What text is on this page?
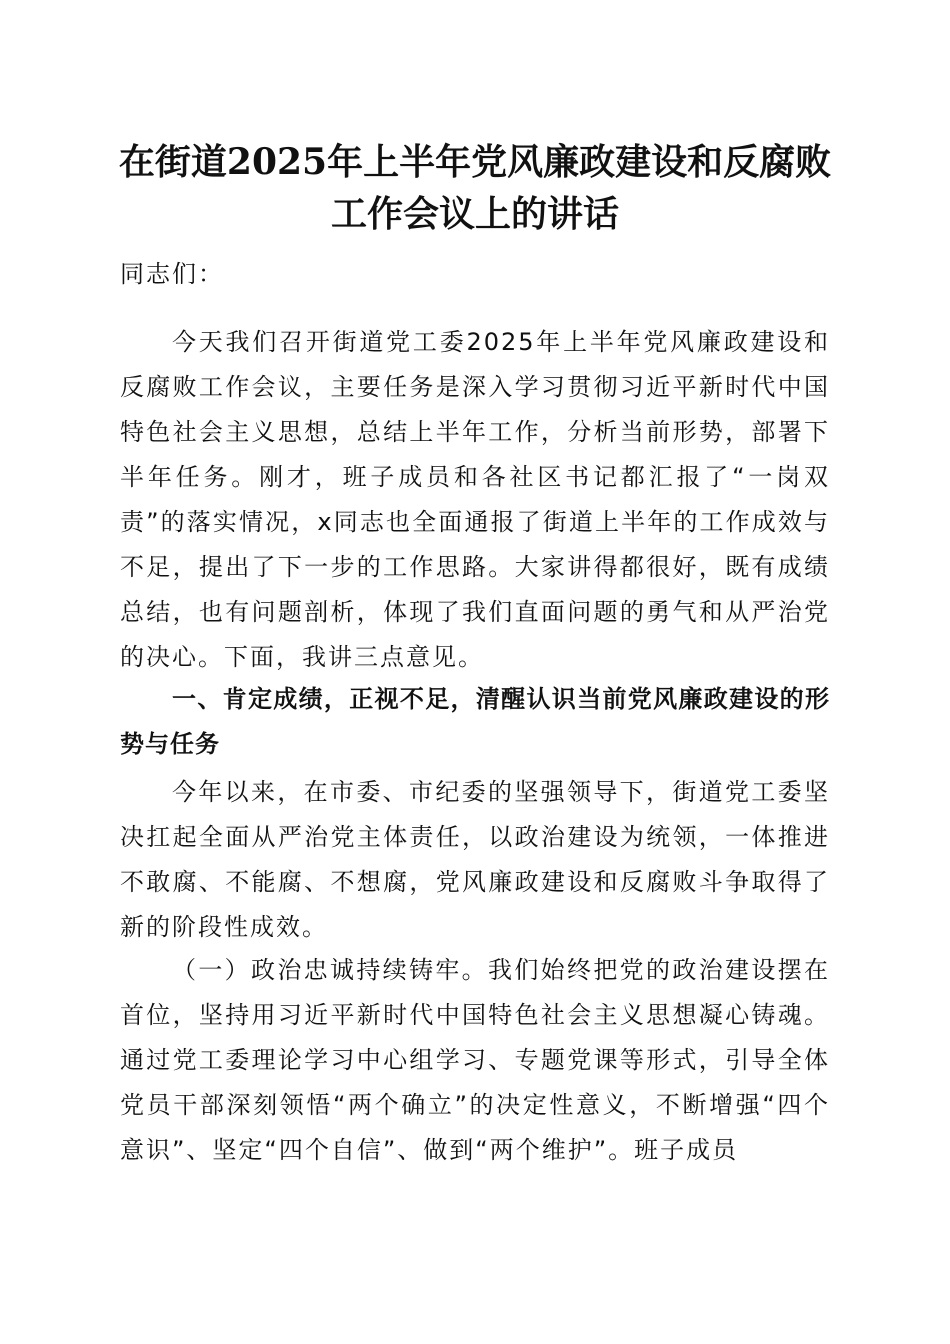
在街道2025年上半年党风廉政建设和反腐败
工作会议上的讲话

同志们：

今天我们召开街道党工委2025年上半年党风廉政建设和反腐败工作会议，主要任务是深入学习贯彻习近平新时代中国特色社会主义思想，总结上半年工作，分析当前形势，部署下半年任务。刚才，班子成员和各社区书记都汇报了“一岗双责”的落实情况，x同志也全面通报了街道上半年的工作成效与不足，提出了下一步的工作思路。大家讲得都很好，既有成绩总结，也有问题剖析，体现了我们直面问题的勇气和从严治党的决心。下面，我讲三点意见。

一、肯定成绩，正视不足，清醒认识当前党风廉政建设的形势与任务

今年以来，在市委、市纪委的坚强领导下，街道党工委坚决扛起全面从严治党主体责任，以政治建设为统领，一体推进不敢腐、不能腐、不想腐，党风廉政建设和反腐败斗争取得了新的阶段性成效。

（一）政治忠诚持续铸牢。我们始终把党的政治建设摆在首位，坚持用习近平新时代中国特色社会主义思想凝心铸魂。通过党工委理论学习中心组学习、专题党课等形式，引导全体党员干部深刻领悟“两个确立”的决定性意义，不断增强“四个意识”、坚定“四个自信”、做到“两个维护”。班子成员
